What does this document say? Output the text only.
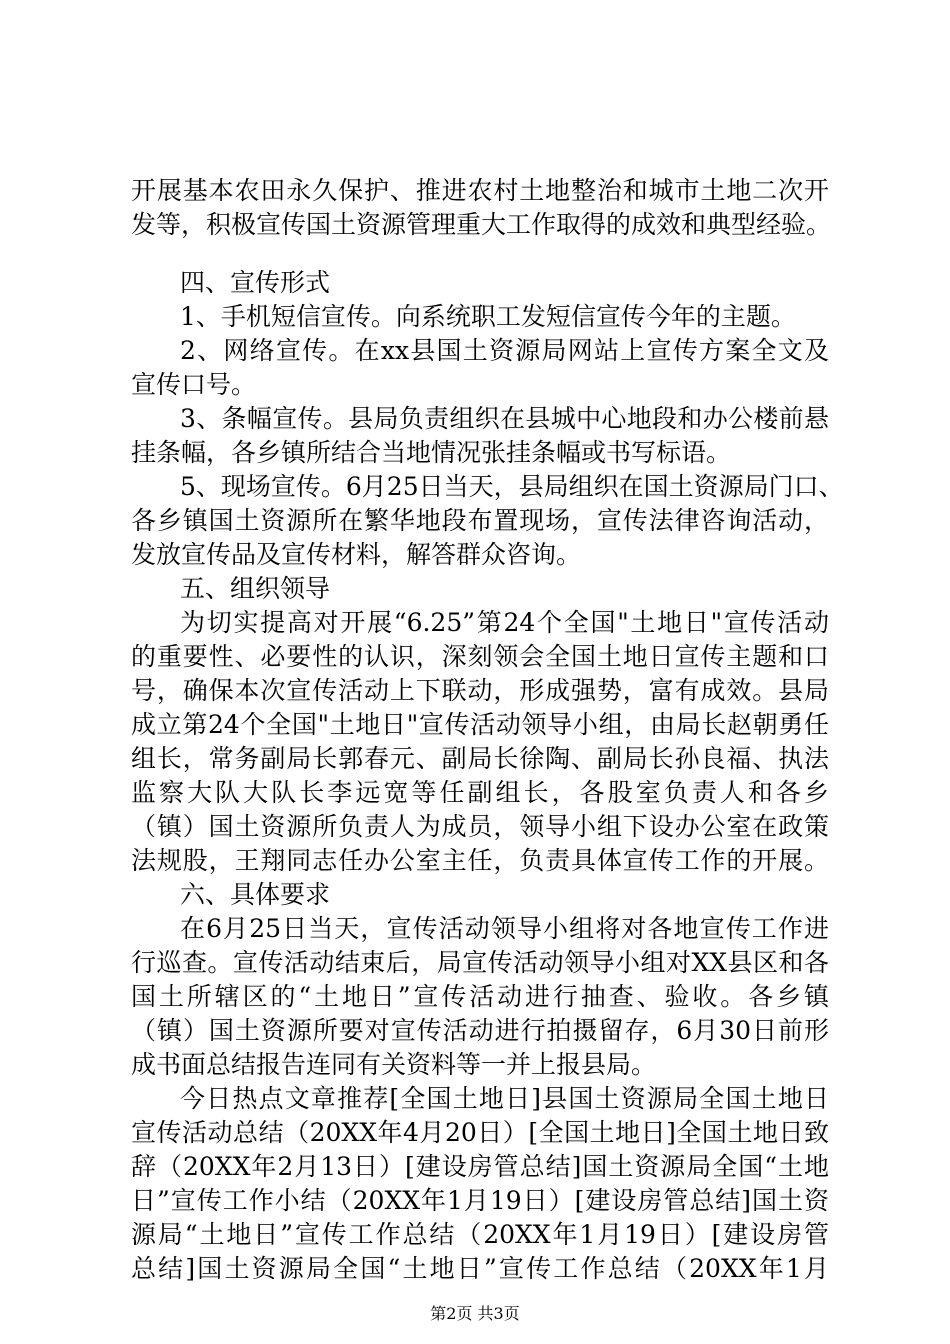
开展基本农田永久保护、推进农村土地整治和城市土地二次开
发等，积极宣传国土资源管理重大工作取得的成效和典型经验。
四、宣传形式
1、手机短信宣传。向系统职工发短信宣传今年的主题。
2、网络宣传。在xx县国土资源局网站上宣传方案全文及
宣传口号。
3、条幅宣传。县局负责组织在县城中心地段和办公楼前悬
挂条幅，各乡镇所结合当地情况张挂条幅或书写标语。
5、现场宣传。6月25日当天，县局组织在国土资源局门口、
各乡镇国土资源所在繁华地段布置现场，宣传法律咨询活动，
发放宣传品及宣传材料，解答群众咨询。
五、组织领导
为切实提高对开展“6.25”第24个全国"土地日"宣传活动
的重要性、必要性的认识，深刻领会全国土地日宣传主题和口
号，确保本次宣传活动上下联动，形成强势，富有成效。县局
成立第24个全国"土地日"宣传活动领导小组，由局长赵朝勇任
组长，常务副局长郭春元、副局长徐陶、副局长孙良福、执法
监察大队大队长李远宽等任副组长，各股室负责人和各乡
（镇）国土资源所负责人为成员，领导小组下设办公室在政策
法规股，王翔同志任办公室主任，负责具体宣传工作的开展。
六、具体要求
在6月25日当天，宣传活动领导小组将对各地宣传工作进
行巡查。宣传活动结束后，局宣传活动领导小组对XX县区和各
国土所辖区的“土地日”宣传活动进行抽查、验收。各乡镇
（镇）国土资源所要对宣传活动进行拍摄留存，6月30日前形
成书面总结报告连同有关资料等一并上报县局。
今日热点文章推荐[全国土地日]县国土资源局全国土地日
宣传活动总结（20XX年4月20日）[全国土地日]全国土地日致
辞（20XX年2月13日）[建设房管总结]国土资源局全国“土地
日”宣传工作小结（20XX年1月19日）[建设房管总结]国土资
源局“土地日”宣传工作总结（20XX年1月19日）[建设房管
总结]国土资源局全国“土地日”宣传工作总结（20XX年1月
第2页 共3页
